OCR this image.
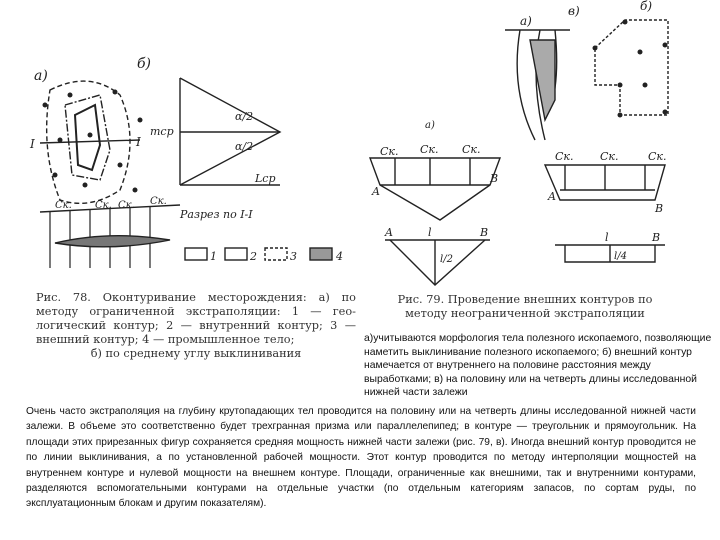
а)
I	I
б)
α/2
α/2
mср
Lср
Ск. Ск. Ск. Ск.
Разрез по I-I
1	2	3	4
а)
б)
а)
Ск. Ск. Ск.
A
B
A	l	B
l/2
Ск. Ск.	Ск.
A
B
в)
l	B
l/4
Рис. 78. Оконтуривание месторождения: а) по методу ограниченной экстраполяции: 1 — гео-логический контур; 2 — внутренний контур; 3 — внешний контур; 4 — промышленное тело;
б) по среднему углу выклинивания
Рис. 79. Проведение внешних контуров по методу неограниченной экстраполяции
а)учитываются морфология тела полезного ископаемого, позволяющие наметить выклинивание полезного ископаемого; б) внешний контур намечается от внутреннего на половине расстояния между выработками; в) на половину или на четверть длины исследованной нижней части залежи
Очень часто экстраполяция на глубину крутопадающих тел проводится на половину или на четверть длины исследованной нижней части залежи. В объеме это соответственно будет трехгранная призма или параллелепипед; в контуре — треугольник и прямоугольник. На площади этих прирезанных фигур сохраняется средняя мощность нижней части залежи (рис. 79, в). Иногда внешний контур проводится не по линии выклинивания, а по установленной рабочей мощности. Этот контур проводится по методу интерполяции мощностей на внутреннем контуре и нулевой мощности на внешнем контуре. Площади, ограниченные как внешними, так и внутренними контурами, разделяются вспомогательными контурами на отдельные участки (по отдельным категориям запасов, по сортам руды, по эксплуатационным блокам и другим показателям).
